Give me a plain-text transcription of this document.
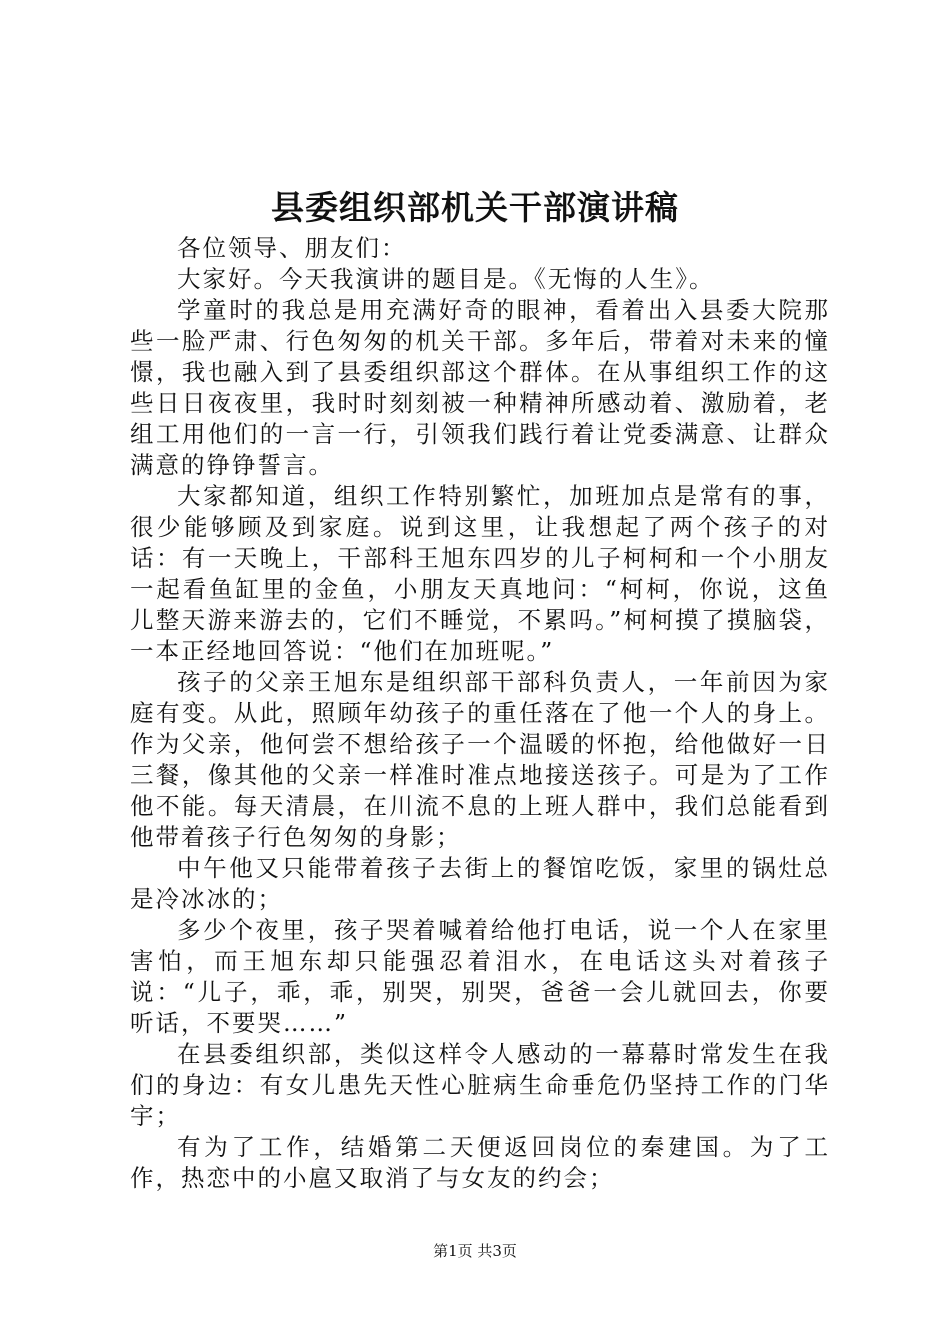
县委组织部机关干部演讲稿

各位领导、朋友们：

大家好。今天我演讲的题目是。《无悔的人生》。

学童时的我总是用充满好奇的眼神，看着出入县委大院那些一脸严肃、行色匆匆的机关干部。多年后，带着对未来的憧憬，我也融入到了县委组织部这个群体。在从事组织工作的这些日日夜夜里，我时时刻刻被一种精神所感动着、激励着，老组工用他们的一言一行，引领我们践行着让党委满意、让群众满意的铮铮誓言。

大家都知道，组织工作特别繁忙，加班加点是常有的事，很少能够顾及到家庭。说到这里，让我想起了两个孩子的对话：有一天晚上，干部科王旭东四岁的儿子柯柯和一个小朋友一起看鱼缸里的金鱼，小朋友天真地问：“柯柯，你说，这鱼儿整天游来游去的，它们不睡觉，不累吗。”柯柯摸了摸脑袋，一本正经地回答说：“他们在加班呢。”

孩子的父亲王旭东是组织部干部科负责人，一年前因为家庭有变。从此，照顾年幼孩子的重任落在了他一个人的身上。作为父亲，他何尝不想给孩子一个温暖的怀抱，给他做好一日三餐，像其他的父亲一样准时准点地接送孩子。可是为了工作他不能。每天清晨，在川流不息的上班人群中，我们总能看到他带着孩子行色匆匆的身影；

中午他又只能带着孩子去街上的餐馆吃饭，家里的锅灶总是冷冰冰的；

多少个夜里，孩子哭着喊着给他打电话，说一个人在家里害怕，而王旭东却只能强忍着泪水，在电话这头对着孩子说：“儿子，乖，乖，别哭，别哭，爸爸一会儿就回去，你要听话，不要哭……”

在县委组织部，类似这样令人感动的一幕幕时常发生在我们的身边：有女儿患先天性心脏病生命垂危仍坚持工作的门华宇；

有为了工作，结婚第二天便返回岗位的秦建国。为了工作，热恋中的小扈又取消了与女友的约会；

第1页 共3页
